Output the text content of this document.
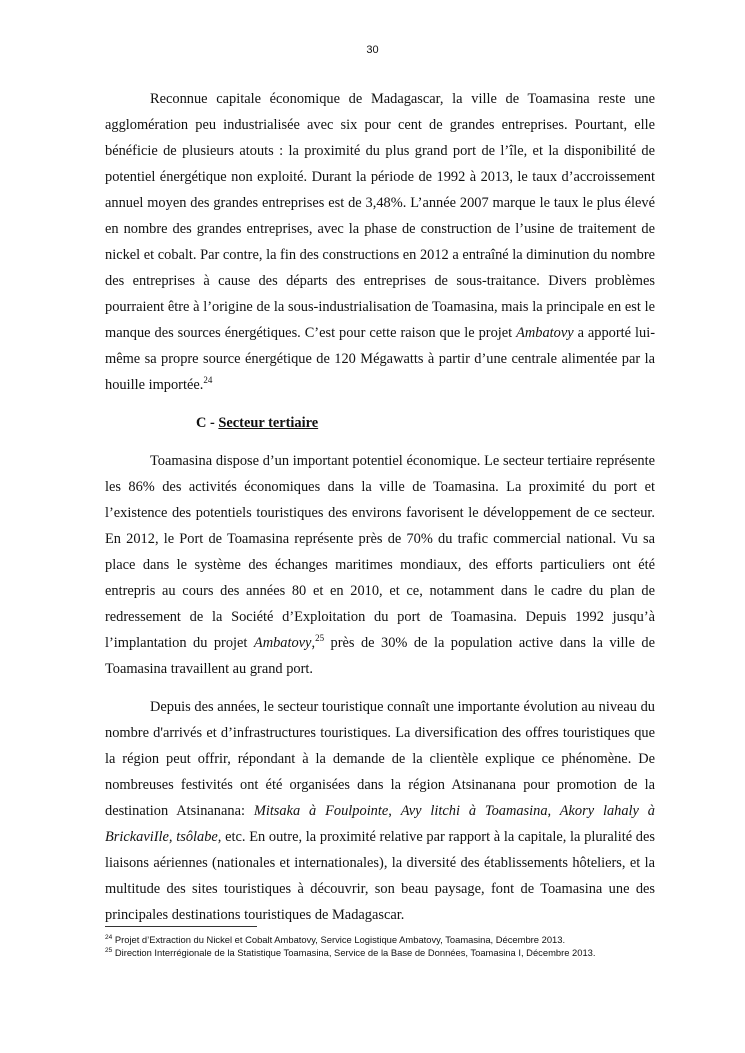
30

Reconnue capitale économique de Madagascar, la ville de Toamasina reste une agglomération peu industrialisée avec six pour cent de grandes entreprises. Pourtant, elle bénéficie de plusieurs atouts : la proximité du plus grand port de l’île, et la disponibilité de potentiel énergétique non exploité. Durant la période de 1992 à 2013, le taux d’accroissement annuel moyen des grandes entreprises est de 3,48%. L’année 2007 marque le taux le plus élevé en nombre des grandes entreprises, avec la phase de construction de l’usine de traitement de nickel et cobalt. Par contre, la fin des constructions en 2012 a entraîné la diminution du nombre des entreprises à cause des départs des entreprises de sous-traitance. Divers problèmes pourraient être à l’origine de la sous-industrialisation de Toamasina, mais la principale en est le manque des sources énergétiques. C’est pour cette raison que le projet Ambatovy a apporté lui-même sa propre source énergétique de 120 Mégawatts à partir d’une centrale alimentée par la houille importée.$^{24}$

C - Secteur tertiaire

Toamasina dispose d’un important potentiel économique. Le secteur tertiaire représente les 86% des activités économiques dans la ville de Toamasina. La proximité du port et l’existence des potentiels touristiques des environs favorisent le développement de ce secteur. En 2012, le Port de Toamasina représente près de 70% du trafic commercial national. Vu sa place dans le système des échanges maritimes mondiaux, des efforts particuliers ont été entrepris au cours des années 80 et en 2010, et ce, notamment dans le cadre du plan de redressement de la Société d’Exploitation du port de Toamasina. Depuis 1992 jusqu’à l’implantation du projet Ambatovy,$^{25}$ près de 30% de la population active dans la ville de Toamasina travaillent au grand port.

Depuis des années, le secteur touristique connaît une importante évolution au niveau du nombre d'arrivés et d’infrastructures touristiques. La diversification des offres touristiques que la région peut offrir, répondant à la demande de la clientèle explique ce phénomène. De nombreuses festivités ont été organisées dans la région Atsinanana pour promotion de la destination Atsinanana: Mitsaka à Foulpointe, Avy litchi à Toamasina, Akory lahaly à BrickaviIle, tsôlabe, etc. En outre, la proximité relative par rapport à la capitale, la pluralité des liaisons aériennes (nationales et internationales), la diversité des établissements hôteliers, et la multitude des sites touristiques à découvrir, son beau paysage, font de Toamasina une des principales destinations touristiques de Madagascar.

$^{24}$ Projet d’Extraction du Nickel et Cobalt Ambatovy, Service Logistique Ambatovy, Toamasina, Décembre 2013.

$^{25}$ Direction Interrégionale de la Statistique Toamasina, Service de la Base de Données, Toamasina I, Décembre 2013.
